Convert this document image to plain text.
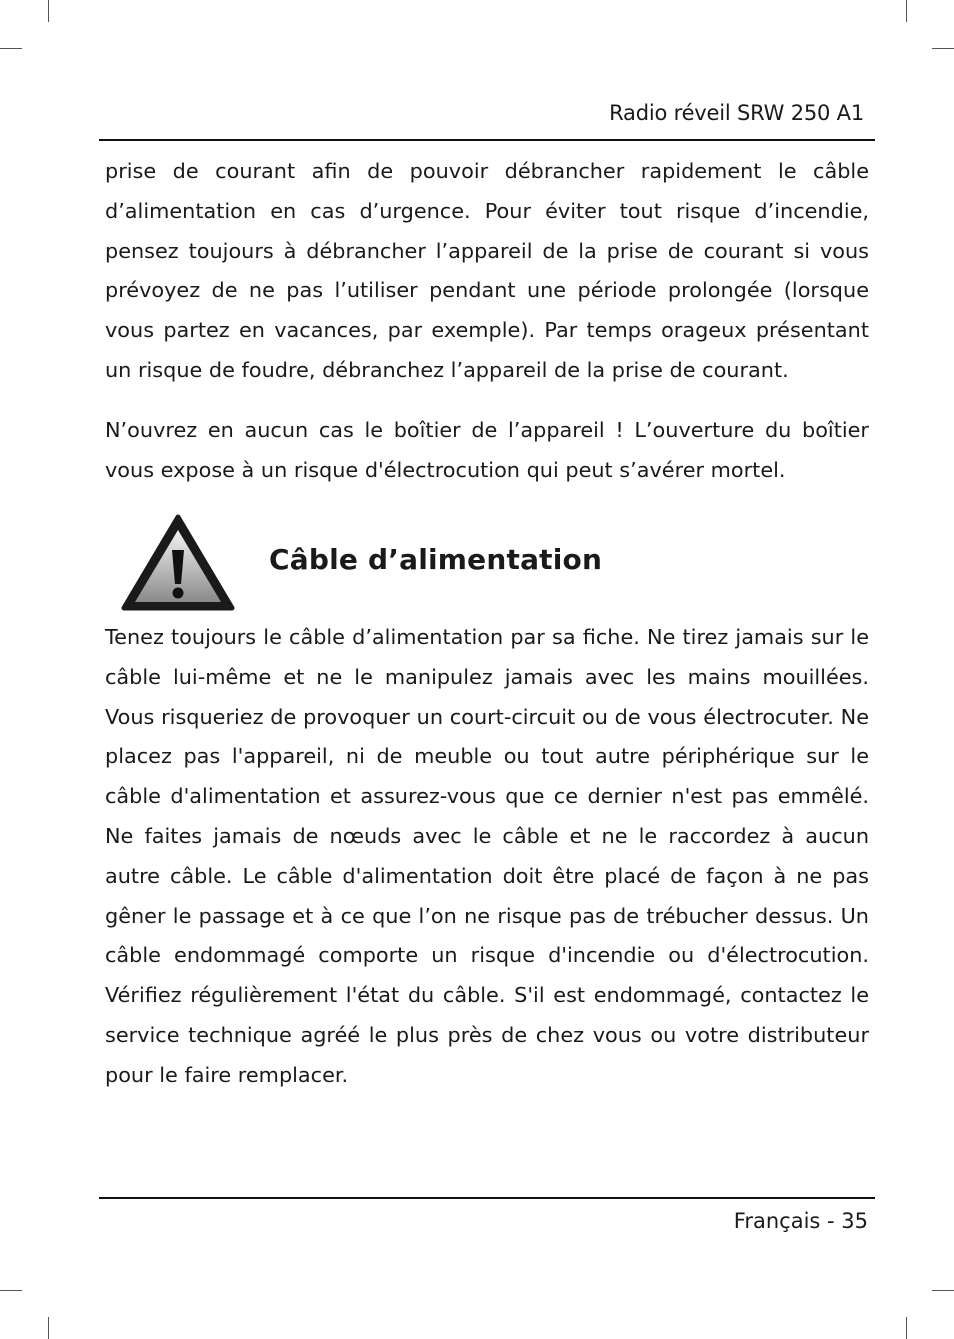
Radio réveil SRW 250 A1

prise de courant afin de pouvoir débrancher rapidement le câble d’alimentation en cas d’urgence. Pour éviter tout risque d’incendie, pensez toujours à débrancher l’appareil de la prise de courant si vous prévoyez de ne pas l’utiliser pendant une période prolongée (lorsque vous partez en vacances, par exemple). Par temps orageux présentant un risque de foudre, débranchez l’appareil de la prise de courant.

N’ouvrez en aucun cas le boîtier de l’appareil ! L’ouverture du boîtier vous expose à un risque d'électrocution qui peut s’avérer mortel.

Câble d’alimentation

Tenez toujours le câble d’alimentation par sa fiche. Ne tirez jamais sur le câble lui-même et ne le manipulez jamais avec les mains mouillées. Vous risqueriez de provoquer un court-circuit ou de vous électrocuter. Ne placez pas l'appareil, ni de meuble ou tout autre périphérique sur le câble d'alimentation et assurez-vous que ce dernier n'est pas emmêlé. Ne faites jamais de nœuds avec le câble et ne le raccordez à aucun autre câble. Le câble d'alimentation doit être placé de façon à ne pas gêner le passage et à ce que l’on ne risque pas de trébucher dessus. Un câble endommagé comporte un risque d'incendie ou d'électrocution. Vérifiez régulièrement l'état du câble. S'il est endommagé, contactez le service technique agréé le plus près de chez vous ou votre distributeur pour le faire remplacer.

Français - 35
